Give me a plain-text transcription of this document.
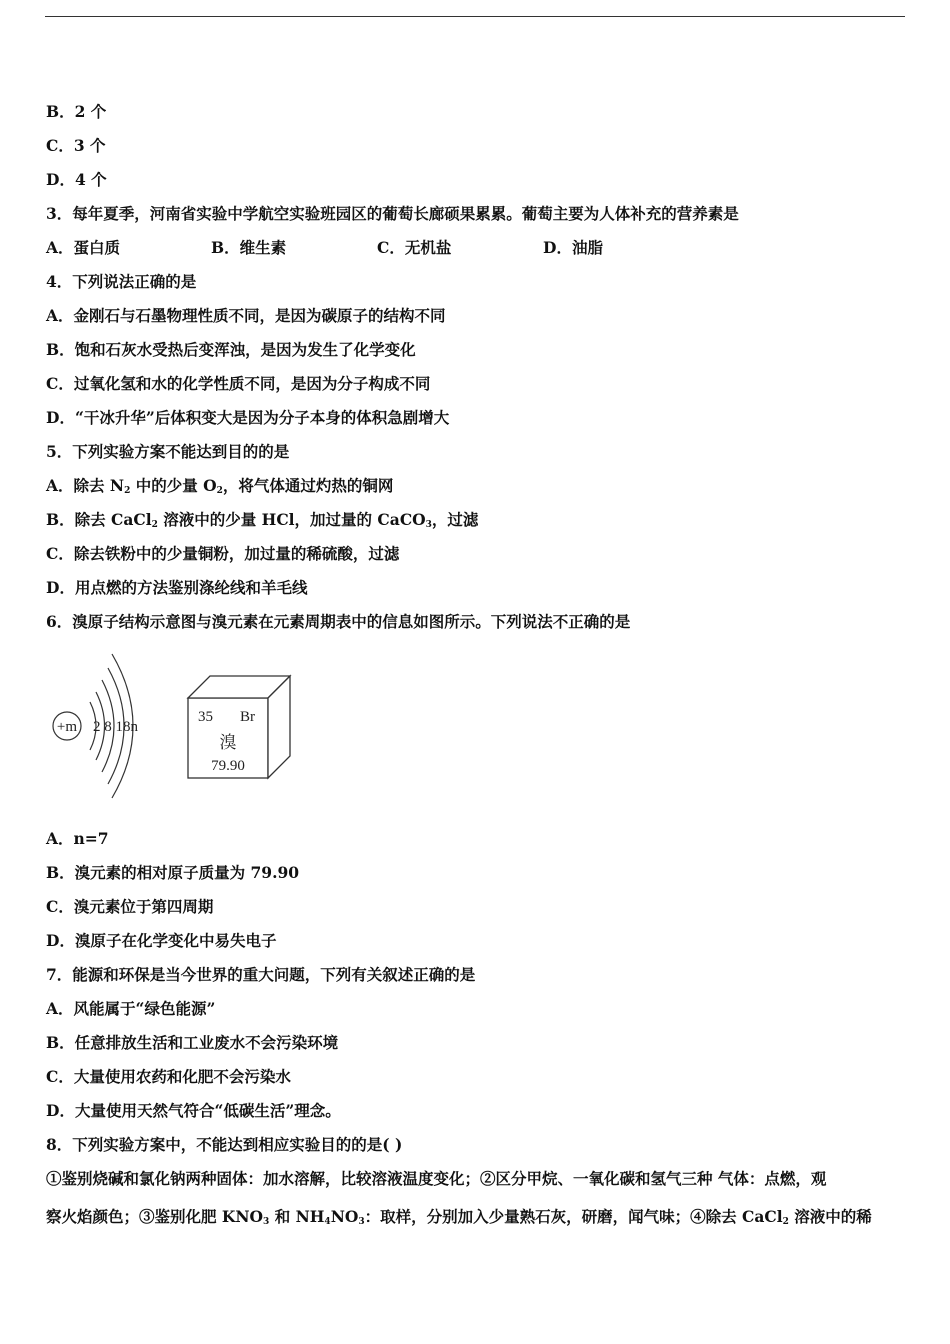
B．2 个
C．3 个
D．4 个
3．每年夏季，河南省实验中学航空实验班园区的葡萄长廊硕果累累。葡萄主要为人体补充的营养素是
A．蛋白质	B．维生素	C．无机盐	D．油脂
4．下列说法正确的是
A．金刚石与石墨物理性质不同，是因为碳原子的结构不同
B．饱和石灰水受热后变浑浊，是因为发生了化学变化
C．过氧化氢和水的化学性质不同，是因为分子构成不同
D．“干冰升华”后体积变大是因为分子本身的体积急剧增大
5．下列实验方案不能达到目的的是
A．除去 $N_2$ 中的少量 $O_2$，将气体通过灼热的铜网
B．除去 CaCl$_2$ 溶液中的少量 HCl，加过量的 CaCO$_3$，过滤
C．除去铁粉中的少量铜粉，加过量的稀硫酸，过滤
D．用点燃的方法鉴别涤纶线和羊毛线
6．溴原子结构示意图与溴元素在元素周期表中的信息如图所示。下列说法不正确的是
+m 2 8 18n
35 Br
溴
79.90
A．n=7
B．溴元素的相对原子质量为 79.90
C．溴元素位于第四周期
D．溴原子在化学变化中易失电子
7．能源和环保是当今世界的重大问题，下列有关叙述正确的是
A．风能属于“绿色能源”
B．任意排放生活和工业废水不会污染环境
C．大量使用农药和化肥不会污染水
D．大量使用天然气符合“低碳生活”理念。
8．下列实验方案中，不能达到相应实验目的的是( )
①鉴别烧碱和氯化钠两种固体：加水溶解，比较溶液温度变化；②区分甲烷、一氧化碳和氢气三种 气体：点燃，观
察火焰颜色；③鉴别化肥 $KNO_3$ 和 $NH_4NO_3$：取样，分别加入少量熟石灰，研磨，闻气味；④除去 CaCl$_2$ 溶液中的稀
